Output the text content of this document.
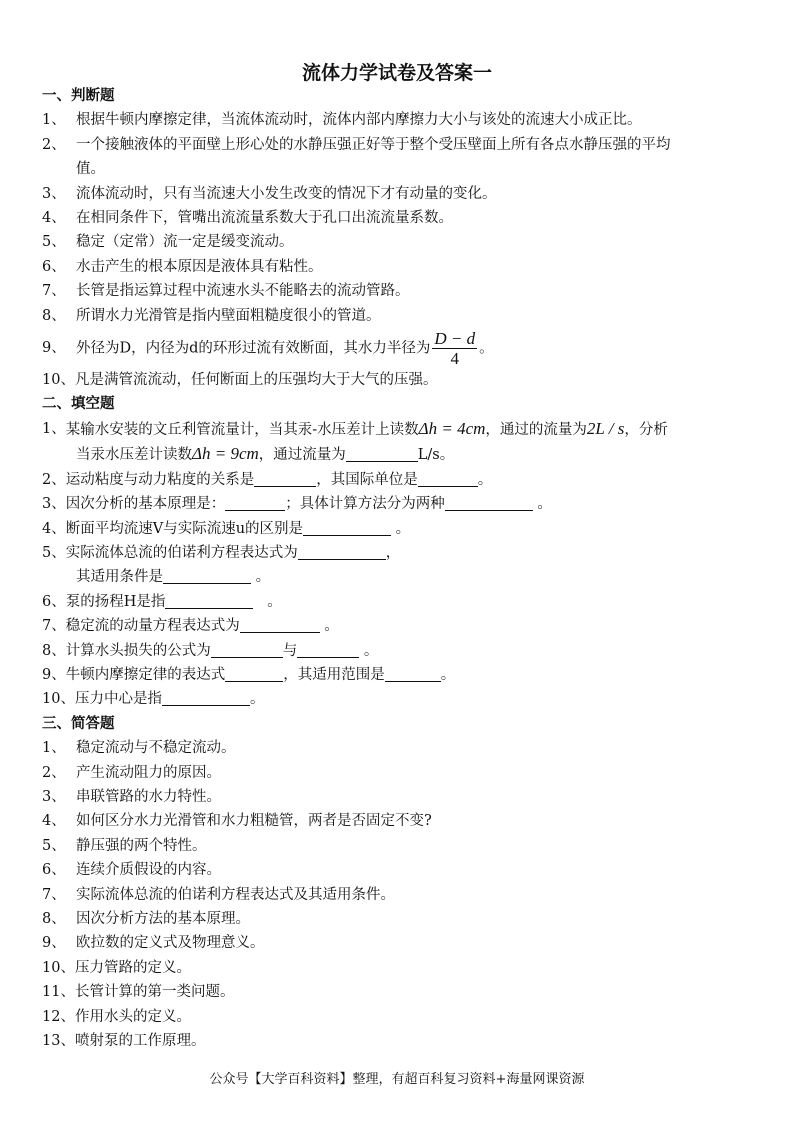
流体力学试卷及答案一
一、判断题
1、 根据牛顿内摩擦定律，当流体流动时，流体内部内摩擦力大小与该处的流速大小成正比。
2、 一个接触液体的平面壁上形心处的水静压强正好等于整个受压壁面上所有各点水静压强的平均
值。
3、 流体流动时，只有当流速大小发生改变的情况下才有动量的变化。
4、 在相同条件下，管嘴出流流量系数大于孔口出流流量系数。
5、 稳定（定常）流一定是缓变流动。
6、 水击产生的根本原因是液体具有粘性。
7、 长管是指运算过程中流速水头不能略去的流动管路。
8、 所谓水力光滑管是指内壁面粗糙度很小的管道。
9、 外径为D，内径为d的环形过流有效断面，其水力半径为 $\frac{D - d}{4}$ 。
10、 凡是满管流流动，任何断面上的压强均大于大气的压强。
二、填空题
1、 某输水安装的文丘利管流量计，当其汞-水压差计上读数Δh = 4cm，通过的流量为2L / s，分析
当汞水压差计读数Δh = 9cm，通过流量为	L/s。
2、运动粘度与动力粘度的关系是	，其国际单位是	。
3、因次分析的基本原理是：	；具体计算方法分为两种	。
4、断面平均流速V与实际流速u的区别是	。
5、实际流体总流的伯诺利方程表达式为	，
其适用条件是	。
6、泵的扬程H是指	。
7、稳定流的动量方程表达式为	。
8、计算水头损失的公式为	与	。
9、牛顿内摩擦定律的表达式	，其适用范围是	。
10、压力中心是指	。
三、简答题
1、 稳定流动与不稳定流动。
2、 产生流动阻力的原因。
3、 串联管路的水力特性。
4、 如何区分水力光滑管和水力粗糙管，两者是否固定不变?
5、 静压强的两个特性。
6、 连续介质假设的内容。
7、 实际流体总流的伯诺利方程表达式及其适用条件。
8、 因次分析方法的基本原理。
9、 欧拉数的定义式及物理意义。
10、 压力管路的定义。
11、 长管计算的第一类问题。
12、 作用水头的定义。
13、 喷射泵的工作原理。
公众号【大学百科资料】整理，有超百科复习资料+海量网课资源
